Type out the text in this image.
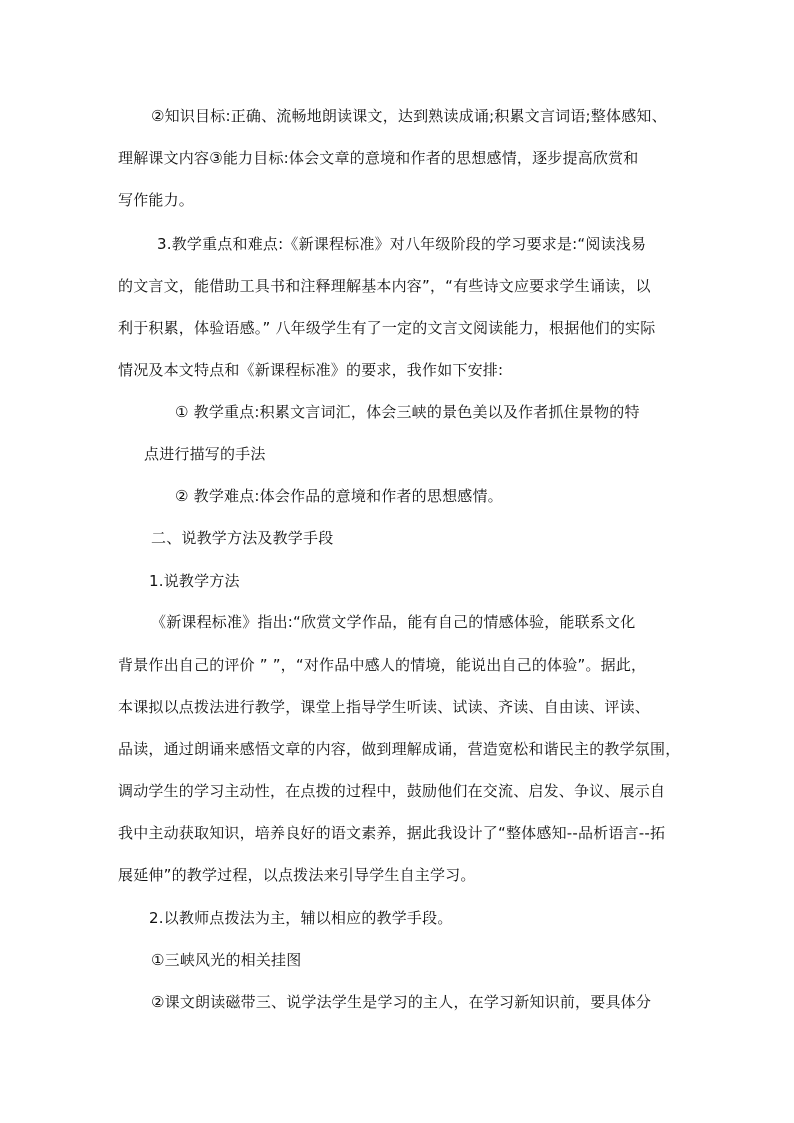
②知识目标:正确、流畅地朗读课文，达到熟读成诵;积累文言词语;整体感知、
理解课文内容③能力目标:体会文章的意境和作者的思想感情，逐步提高欣赏和
写作能力。
3.教学重点和难点:《新课程标准》对八年级阶段的学习要求是:“阅读浅易
的文言文，能借助工具书和注释理解基本内容”，“有些诗文应要求学生诵读，以
利于积累，体验语感。” 八年级学生有了一定的文言文阅读能力，根据他们的实际
情况及本文特点和《新课程标准》的要求，我作如下安排:
① 教学重点:积累文言词汇，体会三峡的景色美以及作者抓住景物的特
点进行描写的手法
② 教学难点:体会作品的意境和作者的思想感情。
二、说教学方法及教学手段
1.说教学方法
《新课程标准》指出:“欣赏文学作品，能有自己的情感体验，能联系文化
背景作出自己的评价 ” ”，“对作品中感人的情境，能说出自己的体验”。据此，
本课拟以点拨法进行教学，课堂上指导学生听读、试读、齐读、自由读、评读、
品读，通过朗诵来感悟文章的内容，做到理解成诵，营造宽松和谐民主的教学氛围，
调动学生的学习主动性，在点拨的过程中，鼓励他们在交流、启发、争议、展示自
我中主动获取知识，培养良好的语文素养，据此我设计了“整体感知--品析语言--拓
展延伸”的教学过程，以点拨法来引导学生自主学习。
2.以教师点拨法为主，辅以相应的教学手段。
①三峡风光的相关挂图
②课文朗读磁带三、说学法学生是学习的主人，在学习新知识前，要具体分
